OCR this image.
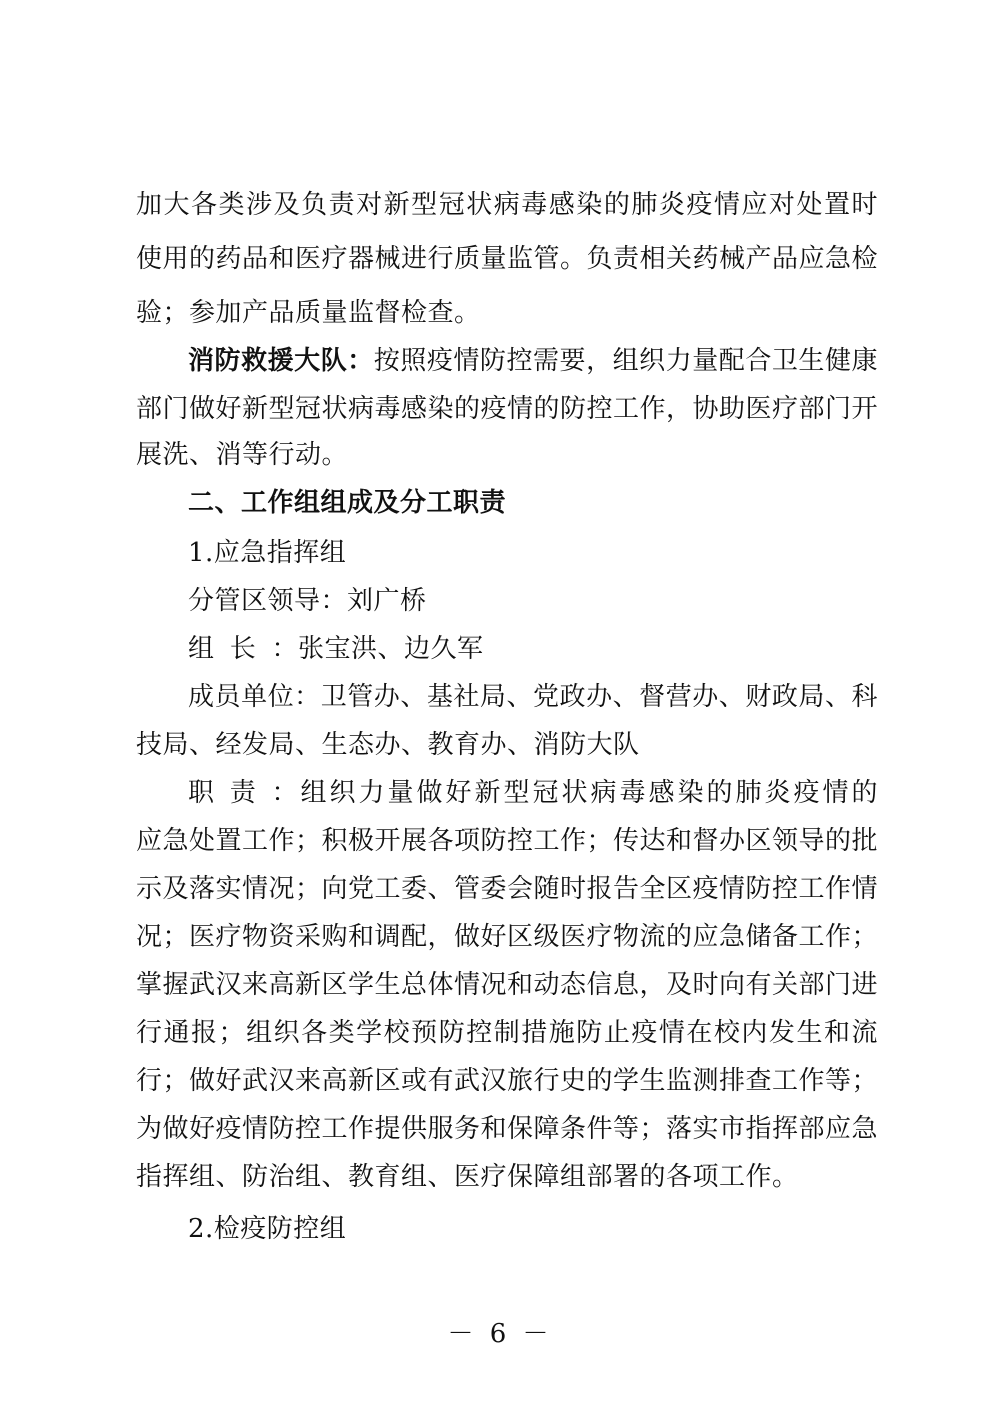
加大各类涉及负责对新型冠状病毒感染的肺炎疫情应对处置时
使用的药品和医疗器械进行质量监管。负责相关药械产品应急检
验；参加产品质量监督检查。
消防救援大队：按照疫情防控需要，组织力量配合卫生健康
部门做好新型冠状病毒感染的疫情的防控工作，协助医疗部门开
展洗、消等行动。
二、工作组组成及分工职责
1.应急指挥组
分管区领导：刘广桥
组长：张宝洪、边久军
成员单位：卫管办、基社局、党政办、督营办、财政局、科
技局、经发局、生态办、教育办、消防大队
职责：组织力量做好新型冠状病毒感染的肺炎疫情的
应急处置工作；积极开展各项防控工作；传达和督办区领导的批
示及落实情况；向党工委、管委会随时报告全区疫情防控工作情
况；医疗物资采购和调配，做好区级医疗物流的应急储备工作；
掌握武汉来高新区学生总体情况和动态信息，及时向有关部门进
行通报；组织各类学校预防控制措施防止疫情在校内发生和流
行；做好武汉来高新区或有武汉旅行史的学生监测排查工作等；
为做好疫情防控工作提供服务和保障条件等；落实市指挥部应急
指挥组、防治组、教育组、医疗保障组部署的各项工作。
2.检疫防控组
－ 6 －
